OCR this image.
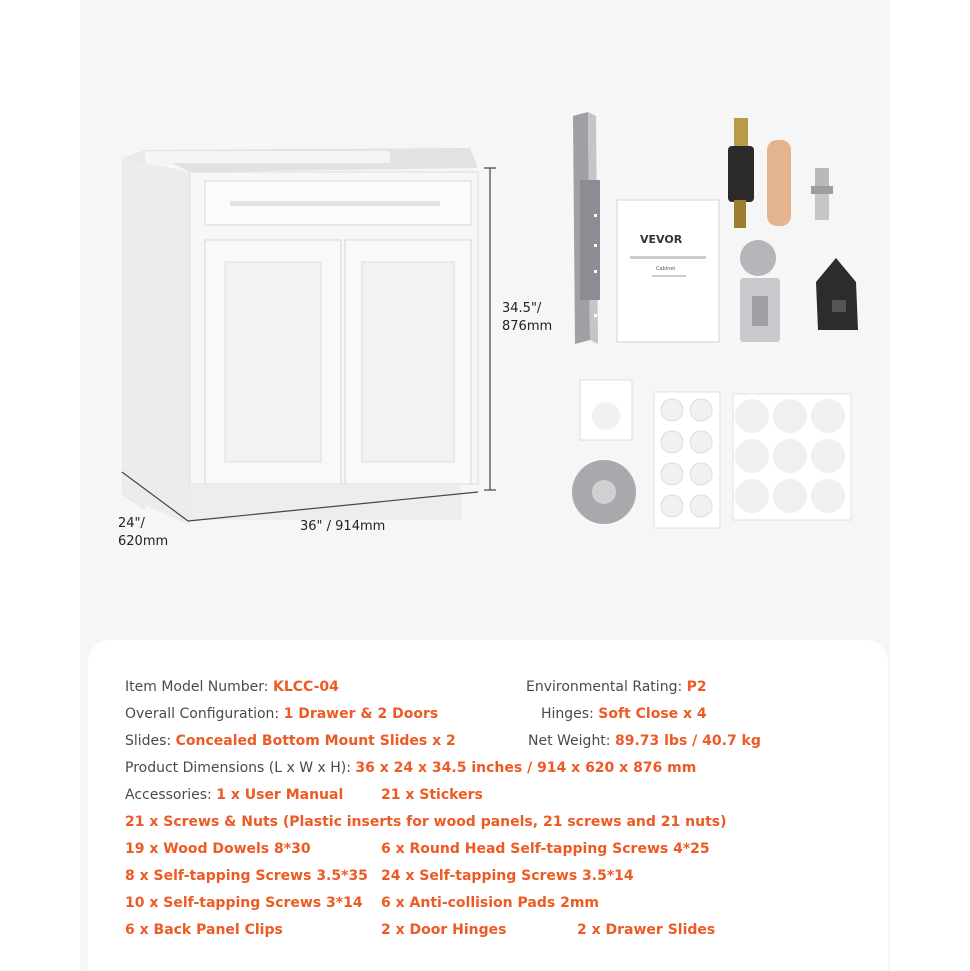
VEVOR
Cabinet
34.5"/
876mm
36" / 914mm
24"/
620mm
Item Model Number: KLCC-04	Environmental Rating: P2
Overall Configuration: 1 Drawer & 2 Doors	Hinges: Soft Close x 4
Slides: Concealed Bottom Mount Slides x 2	Net Weight: 89.73 lbs / 40.7 kg
Product Dimensions (L x W x H): 36 x 24 x 34.5 inches / 914 x 620 x 876 mm
Accessories: 1 x User Manual	21 x Stickers
21 x Screws & Nuts (Plastic inserts for wood panels, 21 screws and 21 nuts)
19 x Wood Dowels 8*30	6 x Round Head Self-tapping Screws 4*25
8 x Self-tapping Screws 3.5*35 24 x Self-tapping Screws 3.5*14
10 x Self-tapping Screws 3*14 6 x Anti-collision Pads 2mm
6 x Back Panel Clips	2 x Door Hinges	2 x Drawer Slides
